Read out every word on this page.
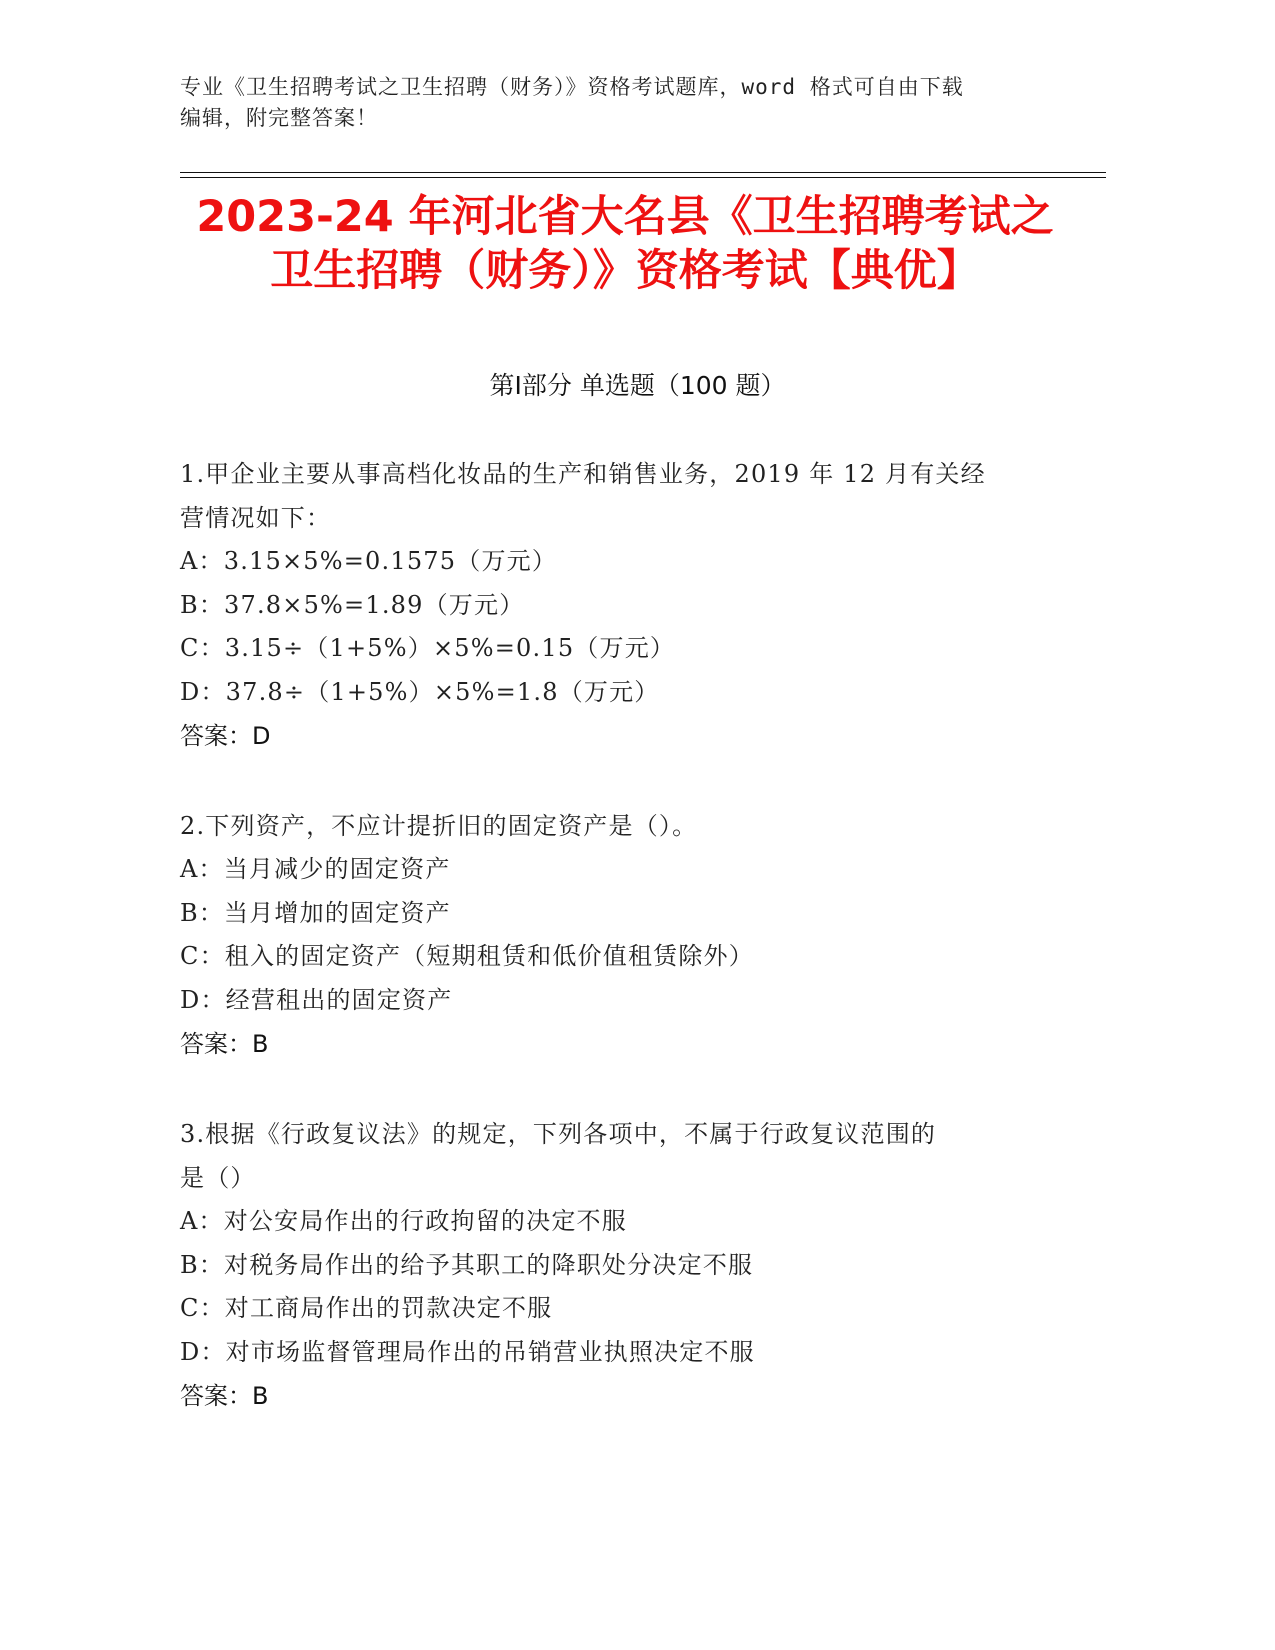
专业《卫生招聘考试之卫生招聘（财务）》资格考试题库，word 格式可自由下载
编辑，附完整答案！
2023-24 年河北省大名县《卫生招聘考试之
卫生招聘（财务）》资格考试【典优】
第Ⅰ部分 单选题（100 题）
1.甲企业主要从事高档化妆品的生产和销售业务，2019 年 12 月有关经
营情况如下：
A：3.15×5%=0.1575（万元）
B：37.8×5%=1.89（万元）
C：3.15÷（1+5%）×5%=0.15（万元）
D：37.8÷（1+5%）×5%=1.8（万元）
答案：D
2.下列资产，不应计提折旧的固定资产是（）。
A：当月减少的固定资产
B：当月增加的固定资产
C：租入的固定资产（短期租赁和低价值租赁除外）
D：经营租出的固定资产
答案：B
3.根据《行政复议法》的规定，下列各项中，不属于行政复议范围的
是（）
A：对公安局作出的行政拘留的决定不服
B：对税务局作出的给予其职工的降职处分决定不服
C：对工商局作出的罚款决定不服
D：对市场监督管理局作出的吊销营业执照决定不服
答案：B
